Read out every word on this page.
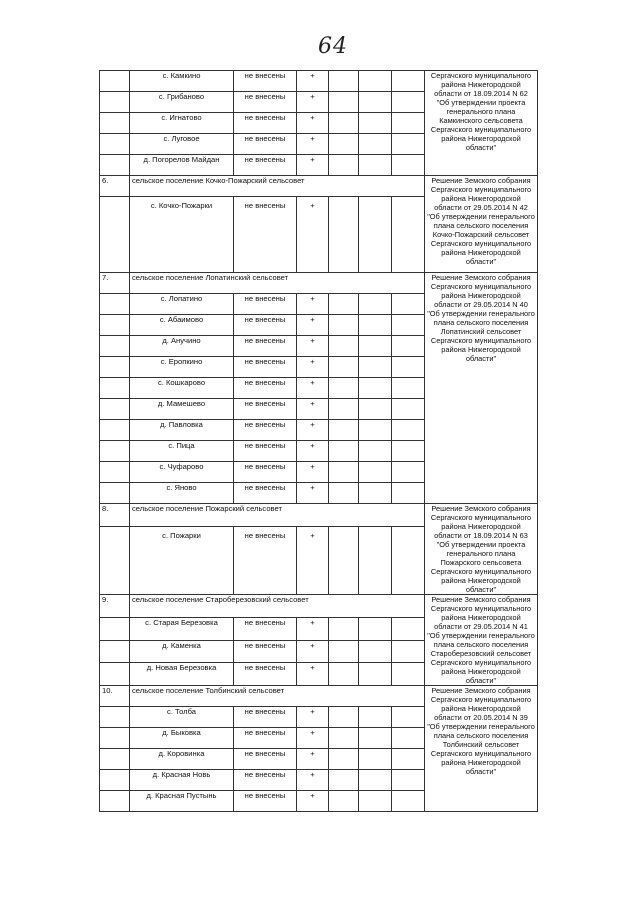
64
	с. Камкино	не внесены	+				Сергачского муниципального района Нижегородской области от 18.09.2014 N 62 "Об утверждении проекта генерального плана Камкинского сельсовета Сергачского муниципального района Нижегородской области"
	с. Грибаново	не внесены	+				
	с. Игнатово	не внесены	+				
	с. Луговое	не внесены	+				
	д. Погорелов Майдан	не внесены	+				
6.	сельское поселение Кочко-Пожарский сельсовет						Решение Земского собрания Сергачского муниципального района Нижегородской области от 29.05.2014 N 42 "Об утверждении генерального плана сельского поселения Кочко-Пожарский сельсовет Сергачского муниципального района Нижегородской области"
	с. Кочко-Пожарки	не внесены	+				
7.	сельское поселение Лопатинский сельсовет						Решение Земского собрания Сергачского муниципального района Нижегородской области от 29.05.2014 N 40 "Об утверждении генерального плана сельского поселения Лопатинский сельсовет Сергачского муниципального района Нижегородской области"
	с. Лопатино	не внесены	+				
	с. Абаимово	не внесены	+				
	д. Анучино	не внесены	+				
	с. Еропкино	не внесены	+				
	с. Кошкарово	не внесены	+				
	д. Мамешево	не внесены	+				
	д. Павловка	не внесены	+				
	с. Пица	не внесены	+				
	с. Чуфарово	не внесены	+				
	с. Яново	не внесены	+				
8.	сельское поселение Пожарский сельсовет						Решение Земского собрания Сергачского муниципального района Нижегородской области от 18.09.2014 N 63 "Об утверждении проекта генерального плана Пожарского сельсовета Сергачского муниципального района Нижегородской области"
	с. Пожарки	не внесены	+				
9.	сельское поселение Староберезовский сельсовет						Решение Земского собрания Сергачского муниципального района Нижегородской области от 29.05.2014 N 41 "Об утверждении генерального плана сельского поселения Староберезовский сельсовет Сергачского муниципального района Нижегородской области"
	с. Старая Березовка	не внесены	+				
	д. Каменка	не внесены	+				
	д. Новая Березовка	не внесены	+				
10.	сельское поселение Толбинский сельсовет						Решение Земского собрания Сергачского муниципального района Нижегородской области от 20.05.2014 N 39 "Об утверждении генерального плана сельского поселения Толбинский сельсовет Сергачского муниципального района Нижегородской области"
	с. Толба	не внесены	+				
	д. Быковка	не внесены	+				
	д. Коровинка	не внесены	+				
	д. Красная Новь	не внесены	+				
	д. Красная Пустынь	не внесены	+				
